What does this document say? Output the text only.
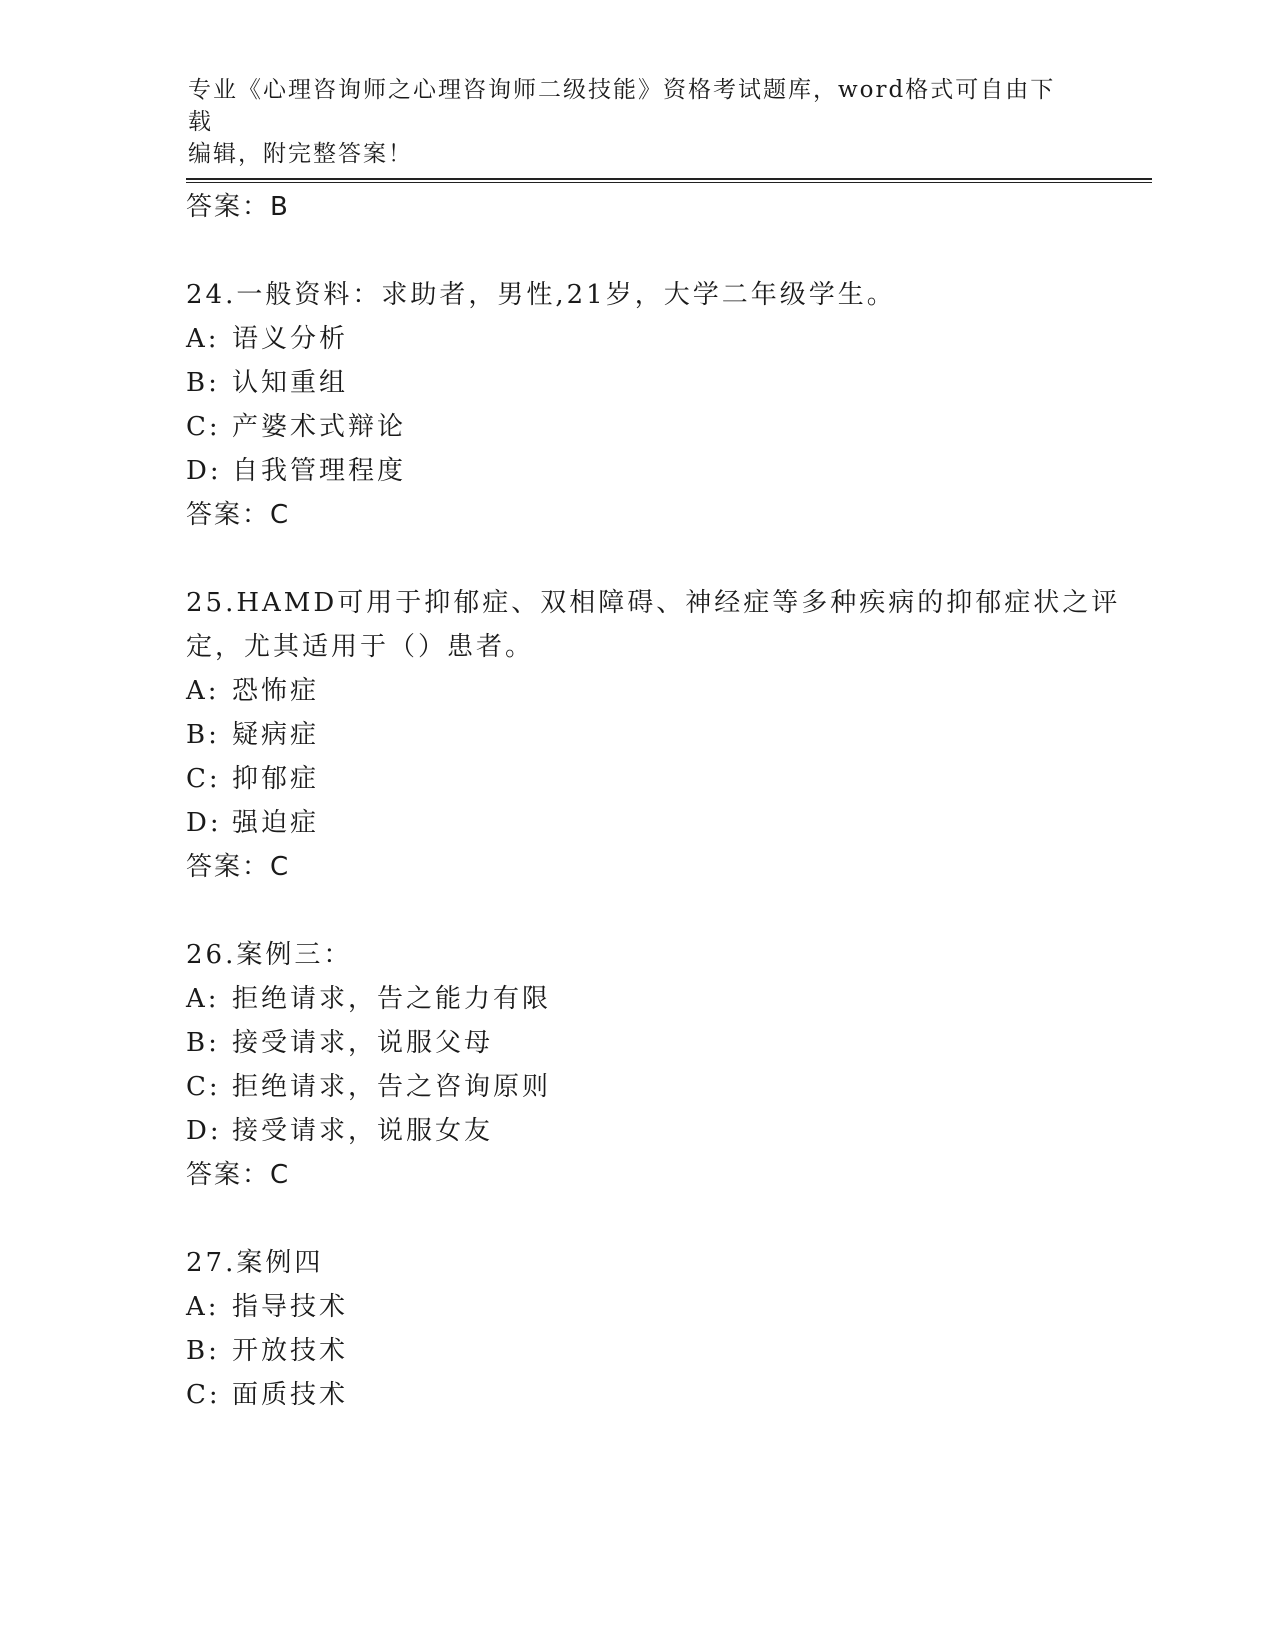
专业《心理咨询师之心理咨询师二级技能》资格考试题库，word格式可自由下载
编辑，附完整答案！
答案：B
24.一般资料：求助者，男性,21岁，大学二年级学生。
A: 语义分析
B: 认知重组
C: 产婆术式辩论
D: 自我管理程度
答案：C
25.HAMD可用于抑郁症、双相障碍、神经症等多种疾病的抑郁症状之评
定，尤其适用于（）患者。
A: 恐怖症
B: 疑病症
C: 抑郁症
D: 强迫症
答案：C
26.案例三：
A: 拒绝请求，告之能力有限
B: 接受请求，说服父母
C: 拒绝请求，告之咨询原则
D: 接受请求，说服女友
答案：C
27.案例四
A: 指导技术
B: 开放技术
C: 面质技术
